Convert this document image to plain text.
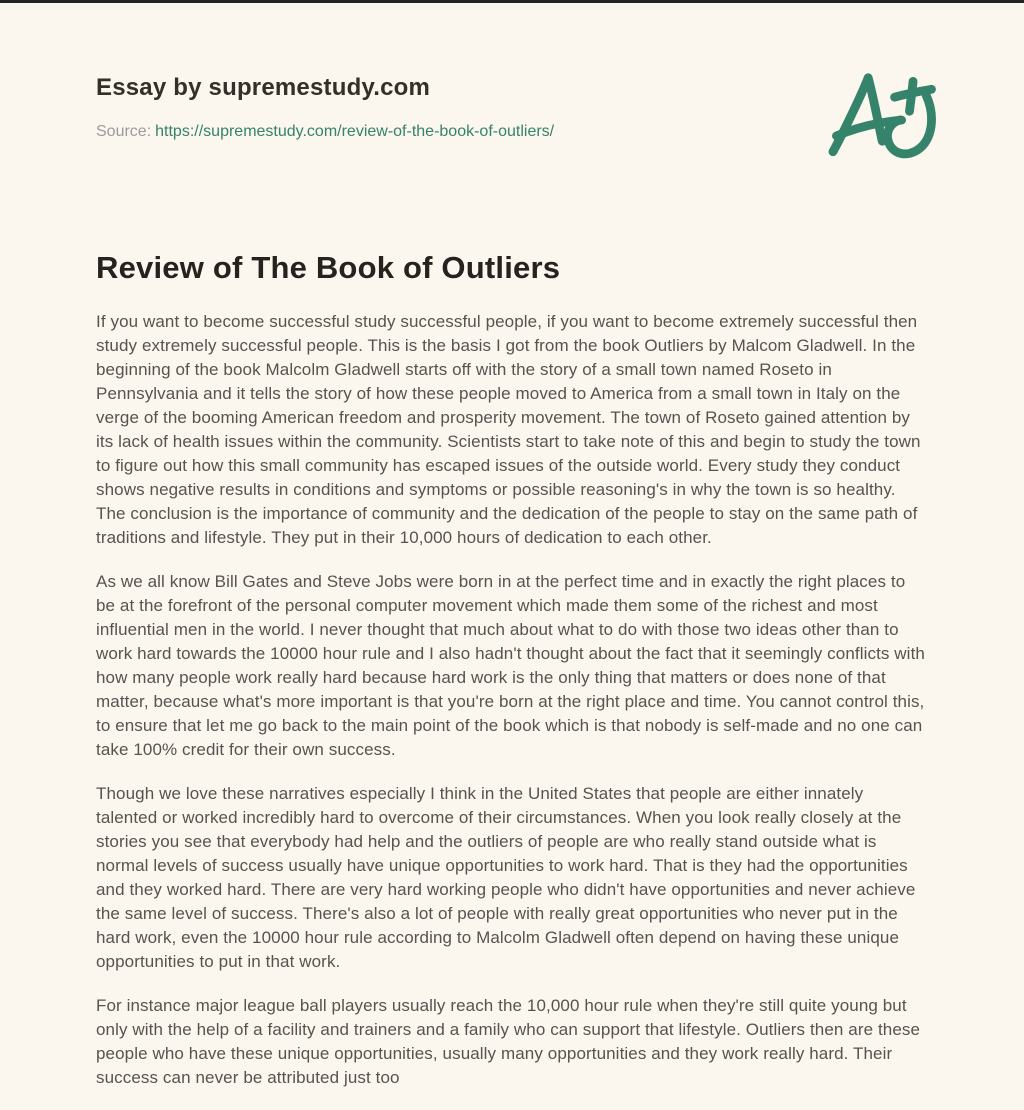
Essay by supremestudy.com

Source: https://supremestudy.com/review-of-the-book-of-outliers/

Review of The Book of Outliers

If you want to become successful study successful people, if you want to become extremely successful then study extremely successful people. This is the basis I got from the book Outliers by Malcom Gladwell. In the beginning of the book Malcolm Gladwell starts off with the story of a small town named Roseto in Pennsylvania and it tells the story of how these people moved to America from a small town in Italy on the verge of the booming American freedom and prosperity movement. The town of Roseto gained attention by its lack of health issues within the community. Scientists start to take note of this and begin to study the town to figure out how this small community has escaped issues of the outside world. Every study they conduct shows negative results in conditions and symptoms or possible reasoning's in why the town is so healthy. The conclusion is the importance of community and the dedication of the people to stay on the same path of traditions and lifestyle. They put in their 10,000 hours of dedication to each other.

As we all know Bill Gates and Steve Jobs were born in at the perfect time and in exactly the right places to be at the forefront of the personal computer movement which made them some of the richest and most influential men in the world. I never thought that much about what to do with those two ideas other than to work hard towards the 10000 hour rule and I also hadn't thought about the fact that it seemingly conflicts with how many people work really hard because hard work is the only thing that matters or does none of that matter, because what's more important is that you're born at the right place and time. You cannot control this, to ensure that let me go back to the main point of the book which is that nobody is self-made and no one can take 100% credit for their own success.

Though we love these narratives especially I think in the United States that people are either innately talented or worked incredibly hard to overcome of their circumstances. When you look really closely at the stories you see that everybody had help and the outliers of people are who really stand outside what is normal levels of success usually have unique opportunities to work hard. That is they had the opportunities and they worked hard. There are very hard working people who didn't have opportunities and never achieve the same level of success. There's also a lot of people with really great opportunities who never put in the hard work, even the 10000 hour rule according to Malcolm Gladwell often depend on having these unique opportunities to put in that work.

For instance major league ball players usually reach the 10,000 hour rule when they're still quite young but only with the help of a facility and trainers and a family who can support that lifestyle. Outliers then are these people who have these unique opportunities, usually many opportunities and they work really hard. Their success can never be attributed just too
